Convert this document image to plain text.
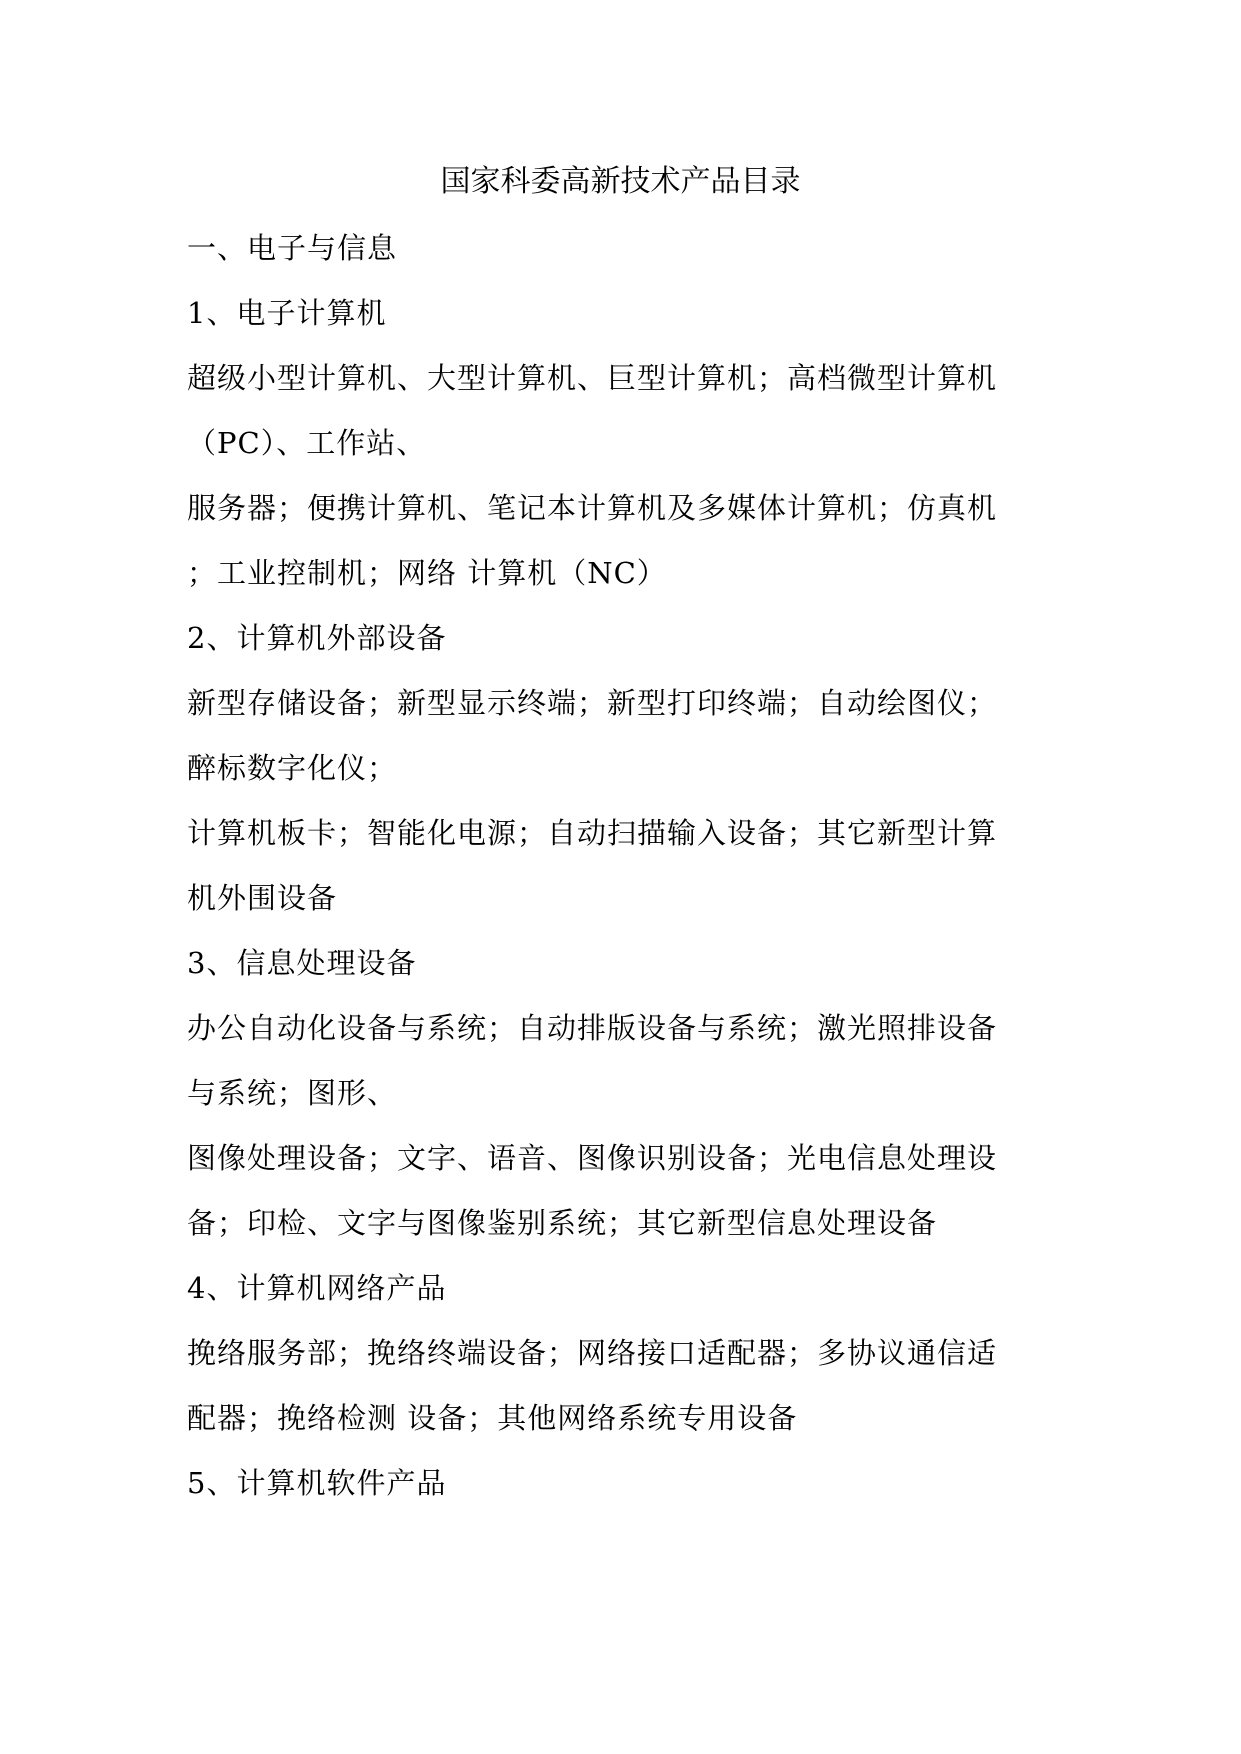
国家科委高新技术产品目录
一、电子与信息
1、电子计算机
超级小型计算机、大型计算机、巨型计算机；高档微型计算机
（PC）、工作站、
服务器；便携计算机、笔记本计算机及多媒体计算机；仿真机
；工业控制机；网络 计算机（NC）
2、计算机外部设备
新型存储设备；新型显示终端；新型打印终端；自动绘图仪；
醉标数字化仪；
计算机板卡；智能化电源；自动扫描输入设备；其它新型计算
机外围设备
3、信息处理设备
办公自动化设备与系统；自动排版设备与系统；激光照排设备
与系统；图形、
图像处理设备；文字、语音、图像识别设备；光电信息处理设
备；印检、文字与图像鉴别系统；其它新型信息处理设备
4、计算机网络产品
挽络服务部；挽络终端设备；网络接口适配器；多协议通信适
配器；挽络检测 设备；其他网络系统专用设备
5、计算机软件产品
